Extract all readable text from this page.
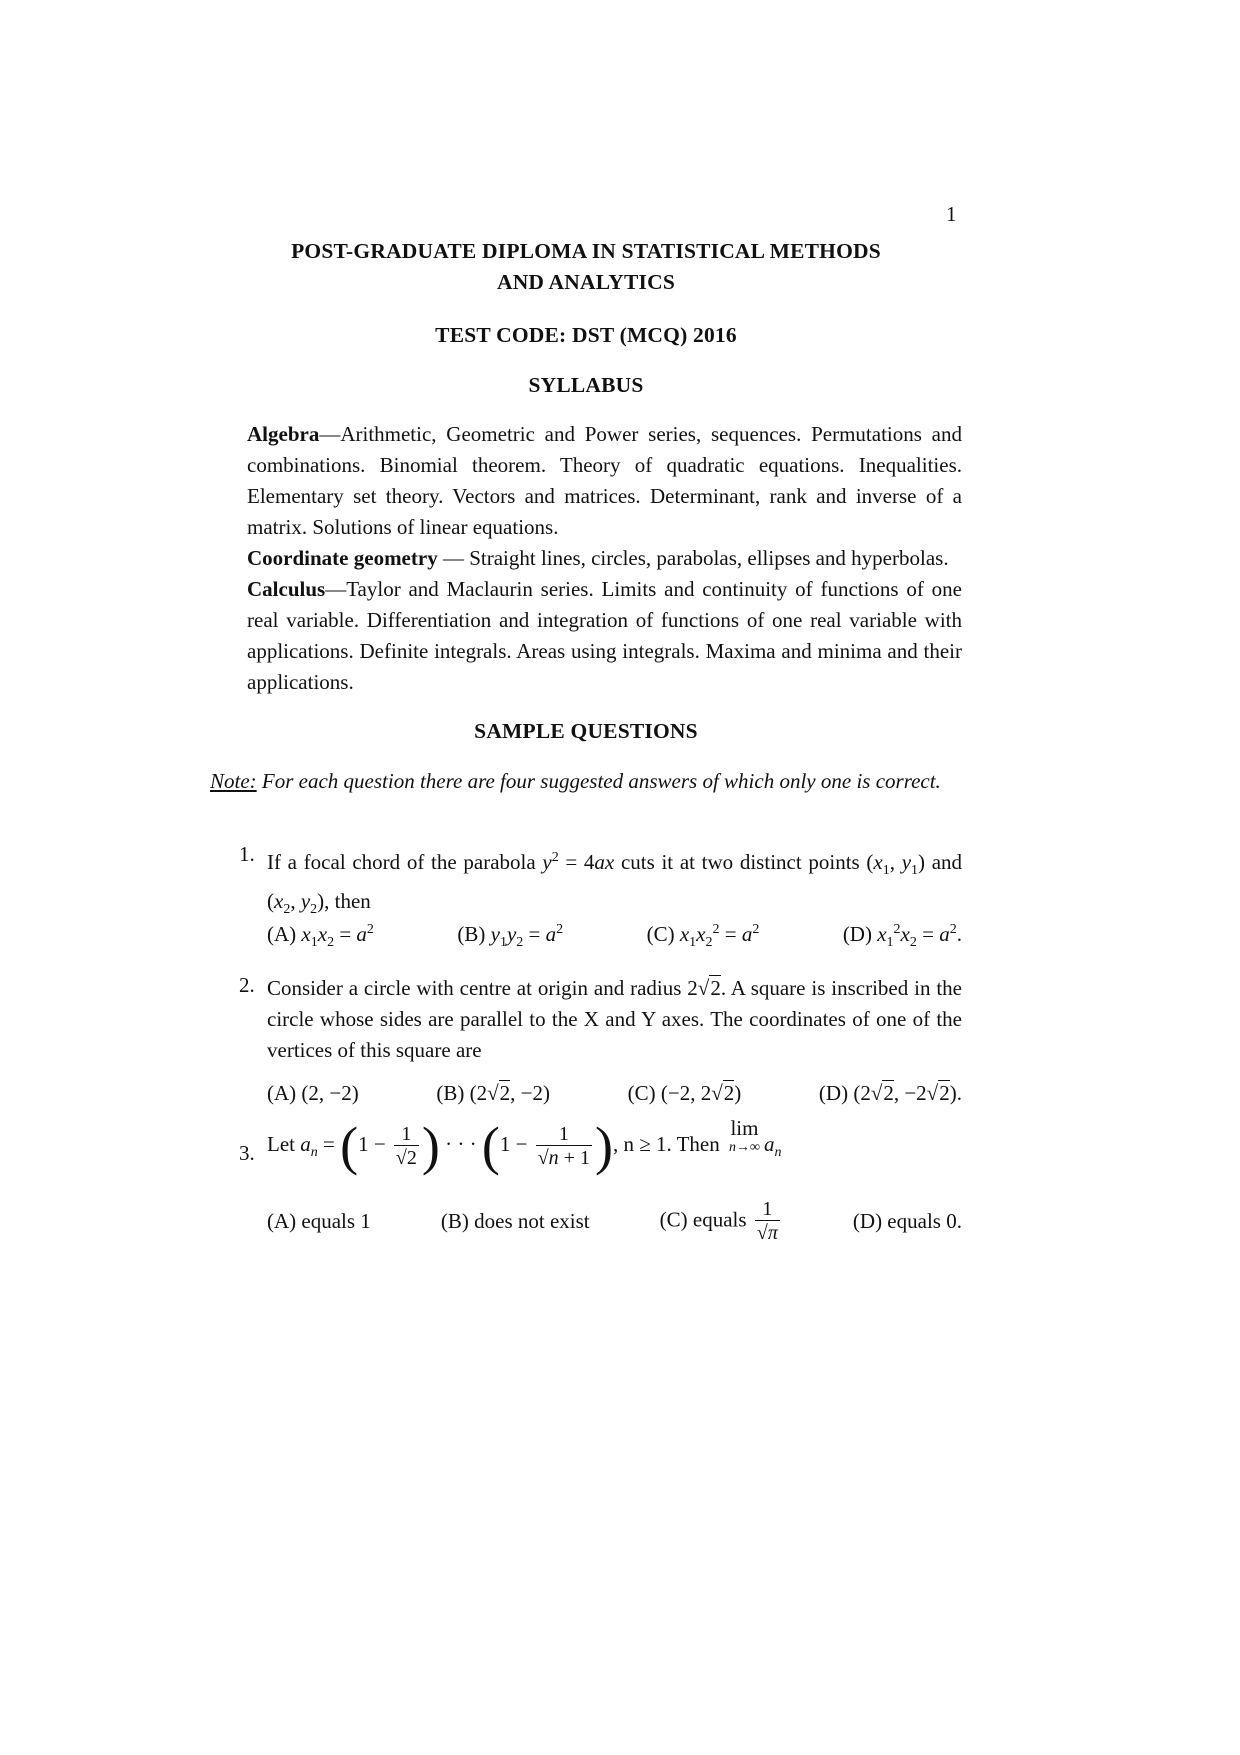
1
POST-GRADUATE DIPLOMA IN STATISTICAL METHODS
AND ANALYTICS
TEST CODE: DST (MCQ) 2016
SYLLABUS
Algebra—Arithmetic, Geometric and Power series, sequences. Permutations and combinations. Binomial theorem. Theory of quadratic equations. Inequalities. Elementary set theory. Vectors and matrices. Determinant, rank and inverse of a matrix. Solutions of linear equations.
Coordinate geometry — Straight lines, circles, parabolas, ellipses and hyperbolas.
Calculus—Taylor and Maclaurin series. Limits and continuity of functions of one real variable. Differentiation and integration of functions of one real variable with applications. Definite integrals. Areas using integrals. Maxima and minima and their applications.
SAMPLE QUESTIONS
Note: For each question there are four suggested answers of which only one is correct.
1. If a focal chord of the parabola $y^2 = 4ax$ cuts it at two distinct points ($x_1$, $y_1$) and ($x_2$, $y_2$), then
(A) $x_1x_2 = a^2$	(B) $y_1y_2 = a^2$	(C) $x_1x_2^2 = a^2$	(D) $x_1^2x_2 = a^2$.
2. Consider a circle with centre at origin and radius 2√2. A square is inscribed in the circle whose sides are parallel to the X and Y axes. The coordinates of one of the vertices of this square are
(A) (2, −2)	(B) (2√2, −2)	(C) (−2, 2√2)	(D) (2√2, −2√2).
3. Let $a_n = (1 - \frac{1}{√2}$ ) · · · ($1 - \frac{1}{√n + 1}$ ), n ≥ 1. Then
lim
n→∞ $a_n$
(A) equals 1	(B) does not exist	(C) equals $\frac{1}{√\pi}$	(D) equals 0.
